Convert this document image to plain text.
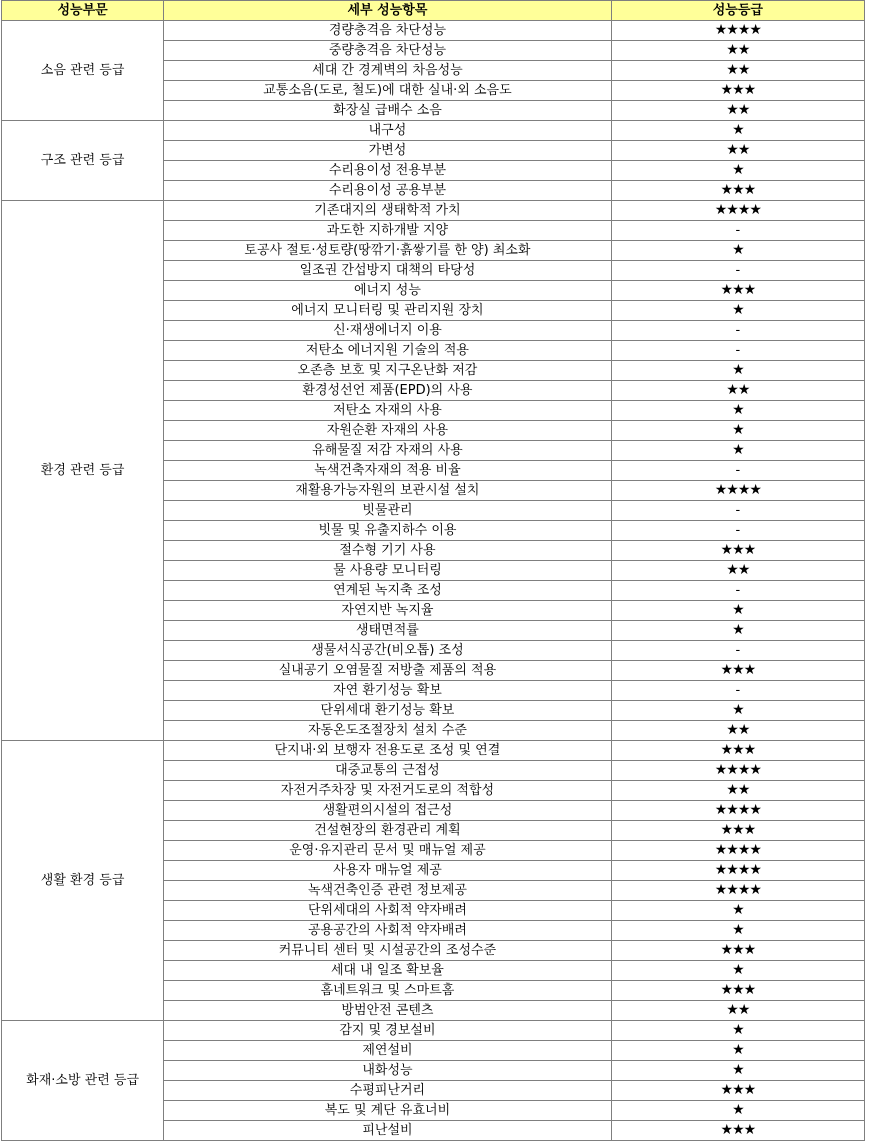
성능부문	세부 성능항목	성능등급
소음 관련 등급	경량충격음 차단성능	★★★★
	중량충격음 차단성능	★★
	세대 간 경계벽의 차음성능	★★
	교통소음(도로, 철도)에 대한 실내·외 소음도	★★★
	화장실 급배수 소음	★★
구조 관련 등급	내구성	★
	가변성	★★
	수리용이성 전용부분	★
	수리용이성 공용부분	★★★
환경 관련 등급	기존대지의 생태학적 가치	★★★★
	과도한 지하개발 지양	-
	토공사 절토·성토량(땅깎기·흙쌓기를 한 양) 최소화	★
	일조권 간섭방지 대책의 타당성	-
	에너지 성능	★★★
	에너지 모니터링 및 관리지원 장치	★
	신·재생에너지 이용	-
	저탄소 에너지원 기술의 적용	-
	오존층 보호 및 지구온난화 저감	★
	환경성선언 제품(EPD)의 사용	★★
	저탄소 자재의 사용	★
	자원순환 자재의 사용	★
	유해물질 저감 자재의 사용	★
	녹색건축자재의 적용 비율	-
	재활용가능자원의 보관시설 설치	★★★★
	빗물관리	-
	빗물 및 유출지하수 이용	-
	절수형 기기 사용	★★★
	물 사용량 모니터링	★★
	연계된 녹지축 조성	-
	자연지반 녹지율	★
	생태면적률	★
	생물서식공간(비오톱) 조성	-
	실내공기 오염물질 저방출 제품의 적용	★★★
	자연 환기성능 확보	-
	단위세대 환기성능 확보	★
	자동온도조절장치 설치 수준	★★
생활 환경 등급	단지내·외 보행자 전용도로 조성 및 연결	★★★
	대중교통의 근접성	★★★★
	자전거주차장 및 자전거도로의 적합성	★★
	생활편의시설의 접근성	★★★★
	건설현장의 환경관리 계획	★★★
	운영·유지관리 문서 및 매뉴얼 제공	★★★★
	사용자 매뉴얼 제공	★★★★
	녹색건축인증 관련 정보제공	★★★★
	단위세대의 사회적 약자배려	★
	공용공간의 사회적 약자배려	★
	커뮤니티 센터 및 시설공간의 조성수준	★★★
	세대 내 일조 확보율	★
	홈네트워크 및 스마트홈	★★★
	방범안전 콘텐츠	★★
화재·소방 관련 등급	감지 및 경보설비	★
	제연설비	★
	내화성능	★
	수평피난거리	★★★
	복도 및 계단 유효너비	★
	피난설비	★★★
